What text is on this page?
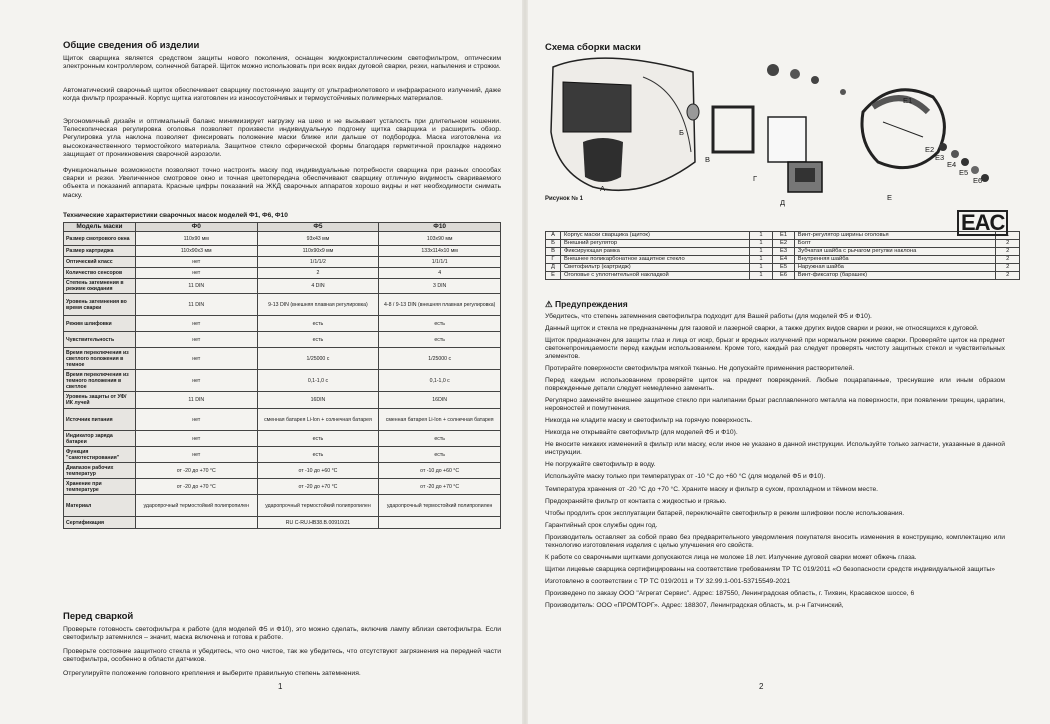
Общие сведения об изделии

Щиток сварщика является средством защиты нового поколения, оснащен жидкокристаллическим светофильтром, оптическим электронным контроллером, солнечной батарей. Щиток можно использовать при всех видах дуговой сварки, резки, напыления и строжки.

Автоматический сварочный щиток обеспечивает сварщику постоянную защиту от ультрафиолетового и инфракрасного излучений, даже когда фильтр прозрачный. Корпус щитка изготовлен из износоустойчивых и термоустойчивых полимерных материалов.

Эргономичный дизайн и оптимальный баланс минимизирует нагрузку на шею и не вызывает усталость при длительном ношении. Телескопическая регулировка оголовья позволяет произвести индивидуальную подгонку щитка сварщика и расширить обзор. Регулировка угла наклона позволяет фиксировать положение маски ближе или дальше от подбородка. Маска изготовлена из высококачественного термостойкого материала. Защитное стекло сферической формы благодаря герметичной прокладке надежно защищает от проникновения сварочной аэрозоли.

Функциональные возможности позволяют точно настроить маску под индивидуальные потребности сварщика при разных способах сварки и резки. Увеличенное смотровое окно и точная цветопередача обеспечивают сварщику отличную видимость свариваемого объекта и показаний аппарата. Красные цифры показаний на ЖКД сварочных аппаратов хорошо видны и нет необходимости снимать маску.

Технические характеристики сварочных масок моделей Ф1, Ф6, Ф10
Модель маски	Ф0	Ф5	Ф10
Размер смотрового окна	110х90 мм	93х43 мм	103х90 мм
Размер картриджа	110х90х3 мм	110х90х9 мм	133х114х10 мм
Оптический класс	нет	1/1/1/2	1/1/1/1
Количество сенсоров	нет	2	4
Степень затемнения в режиме ожидания	11 DIN	4 DIN	3 DIN
Уровень затемнения во время сварки	11 DIN	9-13 DIN (внешняя плавная регулировка)	4-8 / 9-13 DIN (внешняя плавная регулировка)
Режим шлифовки	нет	есть	есть
Чувствительность	нет	есть	есть
Время переключения из светлого положения в темное	нет	1/25000 с	1/25000 с
Время переключения из темного положения в светлое	нет	0,1-1,0 с	0,1-1,0 с
Уровень защиты от УФ/ИК лучей	11 DIN	16DIN	16DIN
Источник питания	нет	сменная батарея Li-Ion + солнечная батарея	сменная батарея Li-Ion + солнечная батарея
Индикатор заряда батареи	нет	есть	есть
Функция "самотестирования"	нет	есть	есть
Диапазон рабочих температур	от -20 до +70 °С	от -10 до +60 °С	от -10 до +60 °С
Хранение при температуре	от -20 до +70 °С	от -20 до +70 °С	от -20 до +70 °С
Материал	ударопрочный термостойкий полипропилен	ударопрочный термостойкий полипропилен	ударопрочный термостойкий полипропилен
Сертификация		RU C-RU.НВ38.В.00910/21	
Перед сваркой

Проверьте готовность светофильтра к работе (для моделей Ф5 и Ф10), это можно сделать, включив лампу вблизи светофильтра. Если светофильтр затемнился – значит, маска включена и готова к работе.

Проверьте состояние защитного стекла и убедитесь, что оно чистое, так же убедитесь, что отсутствуют загрязнения на передней части светофильтра, особенно в области датчиков.

Отрегулируйте положение головного крепления и выберите правильную степень затемнения.

1
Схема сборки маски
А
Б
В
Г
Д
Е
Е1
Е2
Е3
Е4
Е5
Е6
Рисунок № 1
А	Корпус маски сварщика (щиток)	1	Е1	Винт-регулятор ширины оголовья	1
Б	Внешний регулятор	1	Е2	Болт	2
В	Фиксирующая рамка	1	Е3	Зубчатая шайба с рычагом регулки наклона	2
Г	Внешнее поликарбонатное защитное стекло	1	Е4	Внутренняя шайба	2
Д	Светофильтр (картридж)	1	Е5	Наружная шайба	2
Е	Оголовье с уплотнительной накладкой	1	Е6	Винт-фиксатор (барашек)	2
⚠ Предупреждения

Убедитесь, что степень затемнения светофильтра подходит для Вашей работы (для моделей Ф5 и Ф10).

Данный щиток и стекла не предназначены для газовой и лазерной сварки, а также других видов сварки и резки, не относящихся к дуговой.

Щиток предназначен для защиты глаз и лица от искр, брызг и вредных излучений при нормальном режиме сварки. Проверяйте щиток на предмет светонепроницаемости перед каждым использованием. Кроме того, каждый раз следует проверять чистоту защитных стекол и чувствительных элементов.

Протирайте поверхности светофильтра мягкой тканью. Не допускайте применения растворителей.

Перед каждым использованием проверяйте щиток на предмет повреждений. Любые поцарапанные, треснувшие или иным образом поврежденные детали следует немедленно заменить.

Регулярно заменяйте внешнее защитное стекло при налипании брызг расплавленного металла на поверхности, при появлении трещин, царапин, неровностей и помутнения.

Никогда не кладите маску и светофильтр на горячую поверхность.

Никогда не открывайте светофильтр (для моделей Ф5 и Ф10).

Не вносите никаких изменений в фильтр или маску, если иное не указано в данной инструкции. Используйте только запчасти, указанные в данной инструкции.

Не погружайте светофильтр в воду.

Используйте маску только при температурах от -10 °С до +60 °С (для моделей Ф5 и Ф10).

Температура хранения от -20 °С до +70 °С. Храните маску и фильтр в сухом, прохладном и тёмном месте.

Предохраняйте фильтр от контакта с жидкостью и грязью.

Чтобы продлить срок эксплуатации батарей, переключайте светофильтр в режим шлифовки после использования.

Гарантийный срок службы один год.

Производитель оставляет за собой право без предварительного уведомления покупателя вносить изменения в конструкцию, комплектацию или технологию изготовления изделия с целью улучшения его свойств.

К работе со сварочными щитками допускаются лица не моложе 18 лет. Излучение дуговой сварки может обжечь глаза.

Щитки лицевые сварщика сертифицированы на соответствие требованиям ТР ТС 019/2011 «О безопасности средств индивидуальной защиты»

Изготовлено в соответствии с ТР ТС 019/2011 и ТУ 32.99.1-001-53715549-2021

Произведено по заказу ООО "Агрегат Сервис". Адрес: 187550, Ленинградская область, г. Тихвин, Красавское шоссе, 6

Производитель: ООО «ПРОМТОРГ». Адрес: 188307, Ленинградская область, м. р-н Гатчинский,

EAC
2
